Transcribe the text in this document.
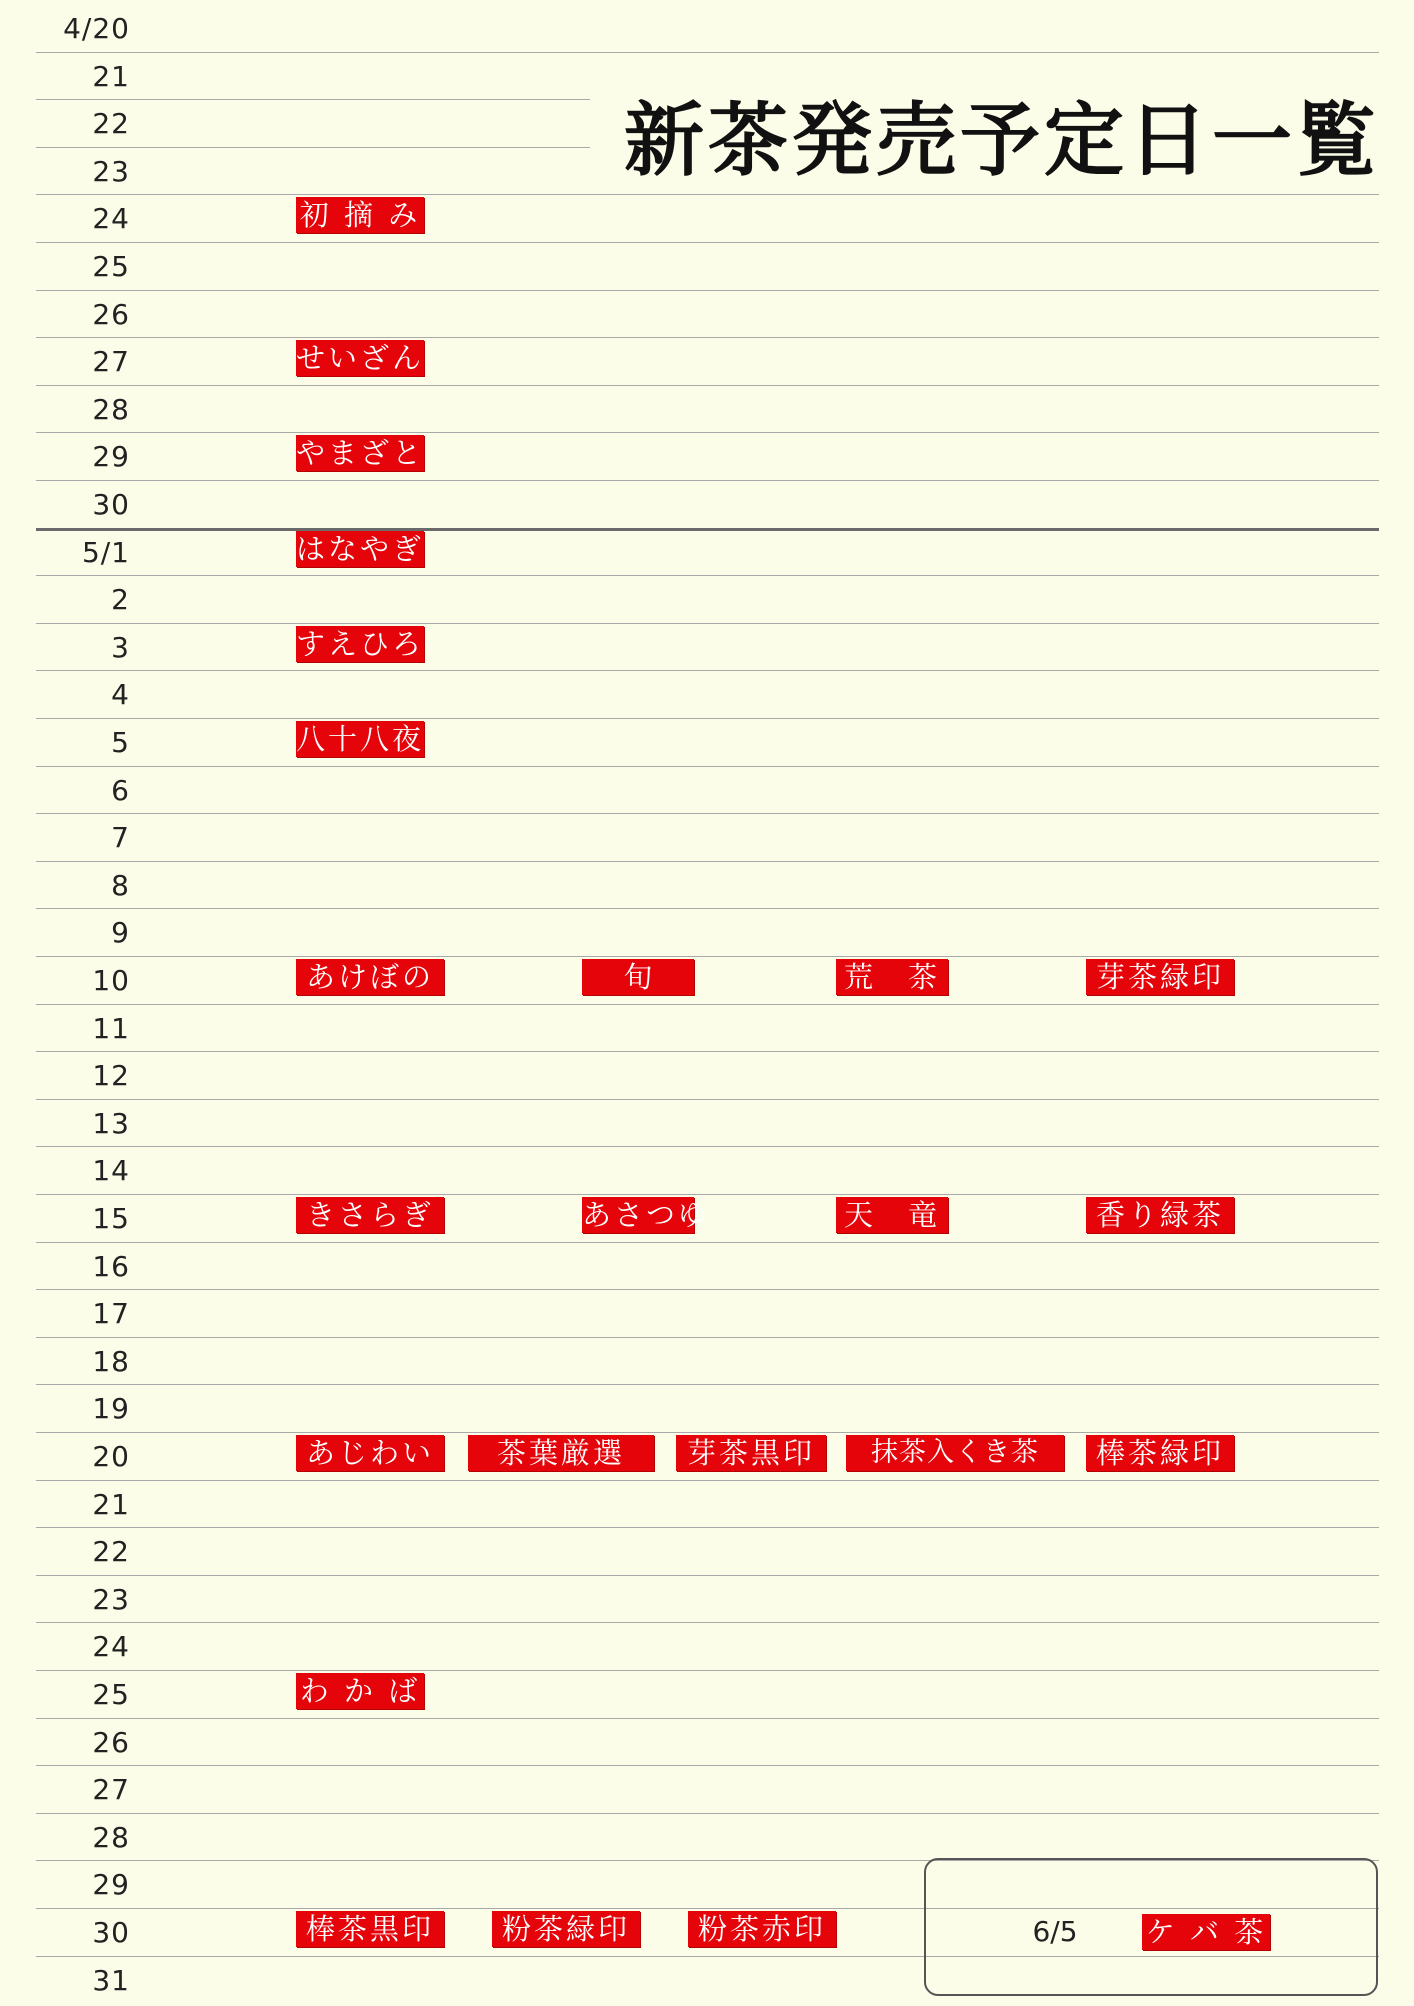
4/20
21
22
23
24	初 摘 み
25
26
27	せいざん
28
29	やまざと
30
5/1	はなやぎ
2
3	すえひろ
4
5	八十八夜
6
7
8
9
10	あけぼの	旬	荒　茶	芽茶緑印
11
12
13
14
15	きさらぎ	あさつゆ	天　竜	香り緑茶
16
17
18
19
20	あじわい	茶葉厳選	芽茶黒印	抹茶入くき茶	棒茶緑印
21
22
23
24
25	わ か ば
26
27
28
29
30	棒茶黒印	粉茶緑印	粉茶赤印
31
新茶発売予定日一覧
6/5	ケ バ 茶
